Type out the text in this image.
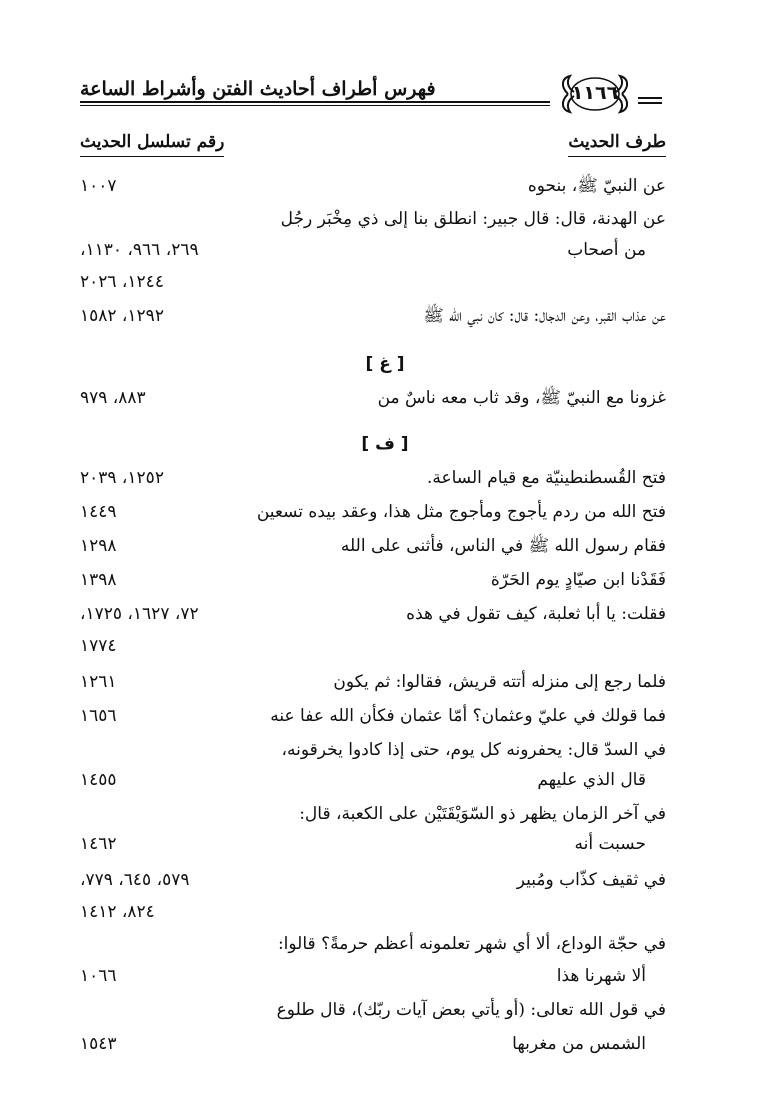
فهرس أطراف أحاديث الفتن وأشراط الساعة	١١٦٦
طرف الحديث
رقم تسلسل الحديث
عن النبيّ ﷺ، بنحوه
١٠٠٧
عن الهدنة، قال: قال جبير: انطلق بنا إلى ذي مِخْبَر رجُل
من أصحاب
٢٦٩، ٩٦٦، ١١٣٠،
١٢٤٤، ٢٠٢٦
عن عذاب القبر، وعن الدجال: قال: كان نبي الله ﷺ
١٢٩٢، ١٥٨٢
[ غ ]
غزونا مع النبيّ ﷺ، وقد ثاب معه ناسٌ من
٨٨٣، ٩٧٩
[ ف ]
فتح القُسطنطينيّة مع قيام الساعة.
١٢٥٢، ٢٠٣٩
فتح الله من ردم يأجوج ومأجوج مثل هذا، وعقد بيده تسعين
١٤٤٩
فقام رسول الله ﷺ في الناس، فأثنى على الله
١٢٩٨
فَقَدْنا ابن صيّادٍ يوم الحَرّة
١٣٩٨
فقلت: يا أبا ثعلبة، كيف تقول في هذه
٧٢، ١٦٢٧، ١٧٢٥،
١٧٧٤
فلما رجع إلى منزله أتته قريش، فقالوا: ثم يكون
١٢٦١
فما قولك في عليّ وعثمان؟ أمّا عثمان فكأن الله عفا عنه
١٦٥٦
في السدّ قال: يحفرونه كل يوم، حتى إذا كادوا يخرقونه،
قال الذي عليهم
١٤٥٥
في آخر الزمان يظهر ذو السّوَيْقَتَيْن على الكعبة، قال:
حسبت أنه
١٤٦٢
في ثقيف كذّاب ومُبير
٥٧٩، ٦٤٥، ٧٧٩،
٨٢٤، ١٤١٢
في حجّة الوداع، ألا أي شهر تعلمونه أعظم حرمةً؟ قالوا:
ألا شهرنا هذا
١٠٦٦
في قول الله تعالى: (أو يأتي بعض آيات ربّك)، قال طلوع
الشمس من مغربها
١٥٤٣
